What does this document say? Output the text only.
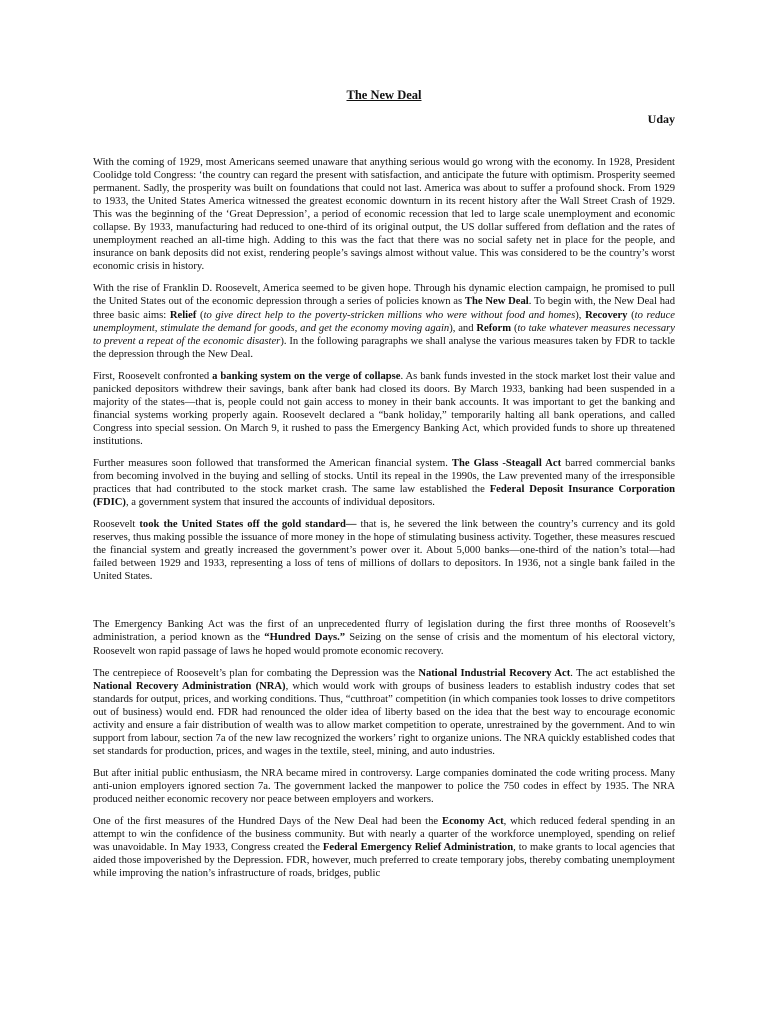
The New Deal

Uday

With the coming of 1929, most Americans seemed unaware that anything serious would go wrong with the economy. In 1928, President Coolidge told Congress: ‘the country can regard the present with satisfaction, and anticipate the future with optimism. Prosperity seemed permanent. Sadly, the prosperity was built on foundations that could not last. America was about to suffer a profound shock. From 1929 to 1933, the United States America witnessed the greatest economic downturn in its recent history after the Wall Street Crash of 1929. This was the beginning of the ‘Great Depression’, a period of economic recession that led to large scale unemployment and economic collapse. By 1933, manufacturing had reduced to one-third of its original output, the US dollar suffered from deflation and the rates of unemployment reached an all-time high. Adding to this was the fact that there was no social safety net in place for the people, and insurance on bank deposits did not exist, rendering people’s savings almost without value. This was considered to be the country’s worst economic crisis in history.

With the rise of Franklin D. Roosevelt, America seemed to be given hope. Through his dynamic election campaign, he promised to pull the United States out of the economic depression through a series of policies known as The New Deal. To begin with, the New Deal had three basic aims: Relief (to give direct help to the poverty-stricken millions who were without food and homes), Recovery (to reduce unemployment, stimulate the demand for goods, and get the economy moving again), and Reform (to take whatever measures necessary to prevent a repeat of the economic disaster). In the following paragraphs we shall analyse the various measures taken by FDR to tackle the depression through the New Deal.

First, Roosevelt confronted a banking system on the verge of collapse. As bank funds invested in the stock market lost their value and panicked depositors withdrew their savings, bank after bank had closed its doors. By March 1933, banking had been suspended in a majority of the states—that is, people could not gain access to money in their bank accounts. It was important to get the banking and financial systems working properly again. Roosevelt declared a “bank holiday,” temporarily halting all bank operations, and called Congress into special session. On March 9, it rushed to pass the Emergency Banking Act, which provided funds to shore up threatened institutions.

Further measures soon followed that transformed the American financial system. The Glass -Steagall Act barred commercial banks from becoming involved in the buying and selling of stocks. Until its repeal in the 1990s, the Law prevented many of the irresponsible practices that had contributed to the stock market crash. The same law established the Federal Deposit Insurance Corporation (FDIC), a government system that insured the accounts of individual depositors.

Roosevelt took the United States off the gold standard— that is, he severed the link between the country’s currency and its gold reserves, thus making possible the issuance of more money in the hope of stimulating business activity. Together, these measures rescued the financial system and greatly increased the government’s power over it. About 5,000 banks—one-third of the nation’s total—had failed between 1929 and 1933, representing a loss of tens of millions of dollars to depositors. In 1936, not a single bank failed in the United States.

The Emergency Banking Act was the first of an unprecedented flurry of legislation during the first three months of Roosevelt’s administration, a period known as the “Hundred Days.” Seizing on the sense of crisis and the momentum of his electoral victory, Roosevelt won rapid passage of laws he hoped would promote economic recovery.

The centrepiece of Roosevelt’s plan for combating the Depression was the National Industrial Recovery Act. The act established the National Recovery Administration (NRA), which would work with groups of business leaders to establish industry codes that set standards for output, prices, and working conditions. Thus, “cutthroat” competition (in which companies took losses to drive competitors out of business) would end. FDR had renounced the older idea of liberty based on the idea that the best way to encourage economic activity and ensure a fair distribution of wealth was to allow market competition to operate, unrestrained by the government. And to win support from labour, section 7a of the new law recognized the workers’ right to organize unions. The NRA quickly established codes that set standards for production, prices, and wages in the textile, steel, mining, and auto industries.

But after initial public enthusiasm, the NRA became mired in controversy. Large companies dominated the code writing process. Many anti-union employers ignored section 7a. The government lacked the manpower to police the 750 codes in effect by 1935. The NRA produced neither economic recovery nor peace between employers and workers.

One of the first measures of the Hundred Days of the New Deal had been the Economy Act, which reduced federal spending in an attempt to win the confidence of the business community. But with nearly a quarter of the workforce unemployed, spending on relief was unavoidable. In May 1933, Congress created the Federal Emergency Relief Administration, to make grants to local agencies that aided those impoverished by the Depression. FDR, however, much preferred to create temporary jobs, thereby combating unemployment while improving the nation’s infrastructure of roads, bridges, public
